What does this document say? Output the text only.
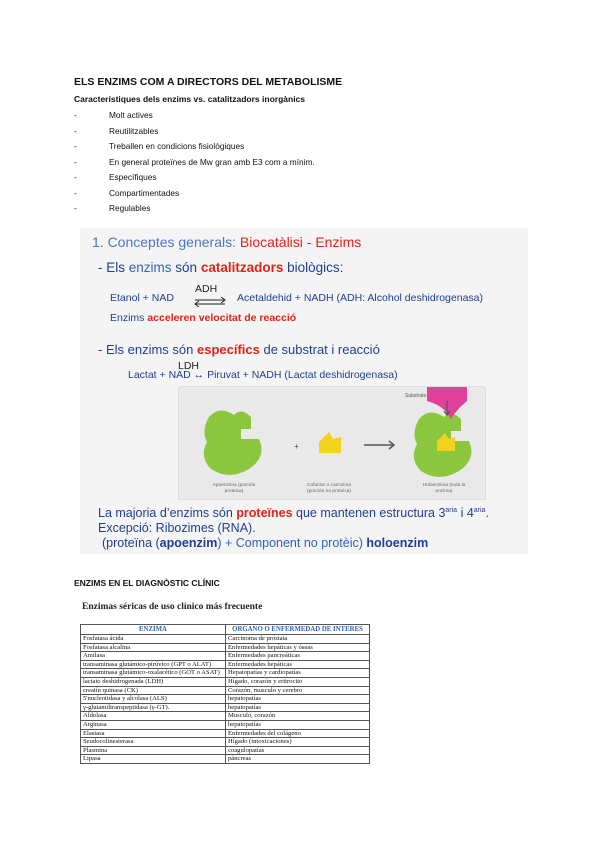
ELS ENZIMS COM A DIRECTORS DEL METABOLISME
Característiques dels enzims vs. catalitzadors inorgànics
-	Molt actives
-	Reutilitzables
-	Treballen en condicions fisiològiques
-	En general proteïnes de Mw gran amb E3 com a mínim.
-	Específiques
-	Compartimentades
-	Regulables
1. Conceptes generals: Biocatàlisi - Enzims
- Els enzims són catalitzadors biològics:
ADH
Etanol + NAD	Acetaldehid + NADH (ADH: Alcohol deshidrogenasa)
Enzims acceleren velocitat de reacció
- Els enzims són específics de substrat i reacció
LDH
Lactat + NAD ↔ Piruvat + NADH (Lactat deshidrogenasa)
+
Substrato
Apoenzima (porción proteica)
Cofactor o coenzima (porción no proteica)
Holoenzima (toda la enzima)
La majoria d’enzims són proteïnes que mantenen estructura $3^{aria}$ i $4^{aria}$.
Excepció: Ribozimes (RNA).
(proteïna (apoenzim) + Component no protèic) holoenzim
ENZIMS EN EL DIAGNÒSTIC CLÍNIC
Enzimas séricas de uso clínico más frecuente
ENZIMA	ORGANO O ENFERMEDAD DE INTERES
Fosfatasa ácida	Carcinoma de próstata
Fosfatasa alcalina	Enfermedades hepáticas y óseas
Amilasa	Enfermedades pancreáticas
transaminasa glutámico-pirúvico (GPT o ALAT)	Enfermedades hepáticas
transaminasa glutámico-oxalacético (GOT o ASAT)	Hepatopatías y cardiopatías
lactato deshidrogenada (LDH)	Hígado, corazón y eritrocito
creatín quinasa (CK)	Corazón, musculo y cerebro
5'nucleotidasa y alcolasa (ALS)	hepatopatías
γ-glutamiltranspeptidasa (γ-GT).	hepatopatías
Aldolasa	Musculo, corazón
Arginasa	hepatopatías
Elastasa	Enfermedades del colágeno
Seudocolinesterasa	Hígado (intoxicaciones)
Plasmina	coagulopatías
Lipasa	páncreas
